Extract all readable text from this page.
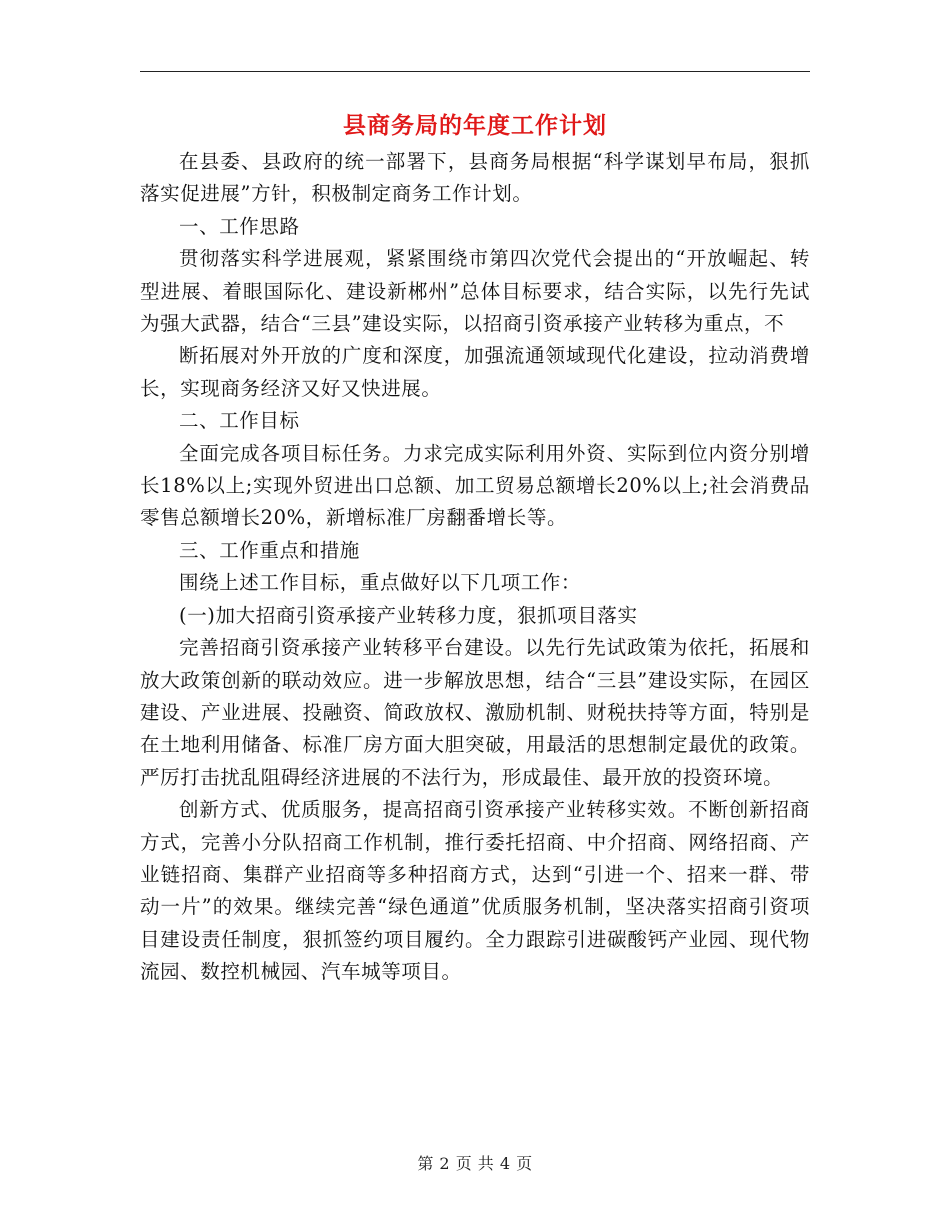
县商务局的年度工作计划

在县委、县政府的统一部署下，县商务局根据“科学谋划早布局，狠抓落实促进展”方针，积极制定商务工作计划。

一、工作思路

贯彻落实科学进展观，紧紧围绕市第四次党代会提出的“开放崛起、转型进展、着眼国际化、建设新郴州”总体目标要求，结合实际，以先行先试为强大武器，结合“三县”建设实际，以招商引资承接产业转移为重点，不

断拓展对外开放的广度和深度，加强流通领域现代化建设，拉动消费增长，实现商务经济又好又快进展。

二、工作目标

全面完成各项目标任务。力求完成实际利用外资、实际到位内资分别增长18%以上;实现外贸进出口总额、加工贸易总额增长20%以上;社会消费品零售总额增长20%，新增标准厂房翻番增长等。

三、工作重点和措施

围绕上述工作目标，重点做好以下几项工作：

(一)加大招商引资承接产业转移力度，狠抓项目落实

完善招商引资承接产业转移平台建设。以先行先试政策为依托，拓展和放大政策创新的联动效应。进一步解放思想，结合“三县”建设实际，在园区建设、产业进展、投融资、简政放权、激励机制、财税扶持等方面，特别是在土地利用储备、标准厂房方面大胆突破，用最活的思想制定最优的政策。严厉打击扰乱阻碍经济进展的不法行为，形成最佳、最开放的投资环境。

创新方式、优质服务，提高招商引资承接产业转移实效。不断创新招商方式，完善小分队招商工作机制，推行委托招商、中介招商、网络招商、产业链招商、集群产业招商等多种招商方式，达到“引进一个、招来一群、带动一片”的效果。继续完善“绿色通道”优质服务机制，坚决落实招商引资项目建设责任制度，狠抓签约项目履约。全力跟踪引进碳酸钙产业园、现代物流园、数控机械园、汽车城等项目。

第 2 页 共 4 页
